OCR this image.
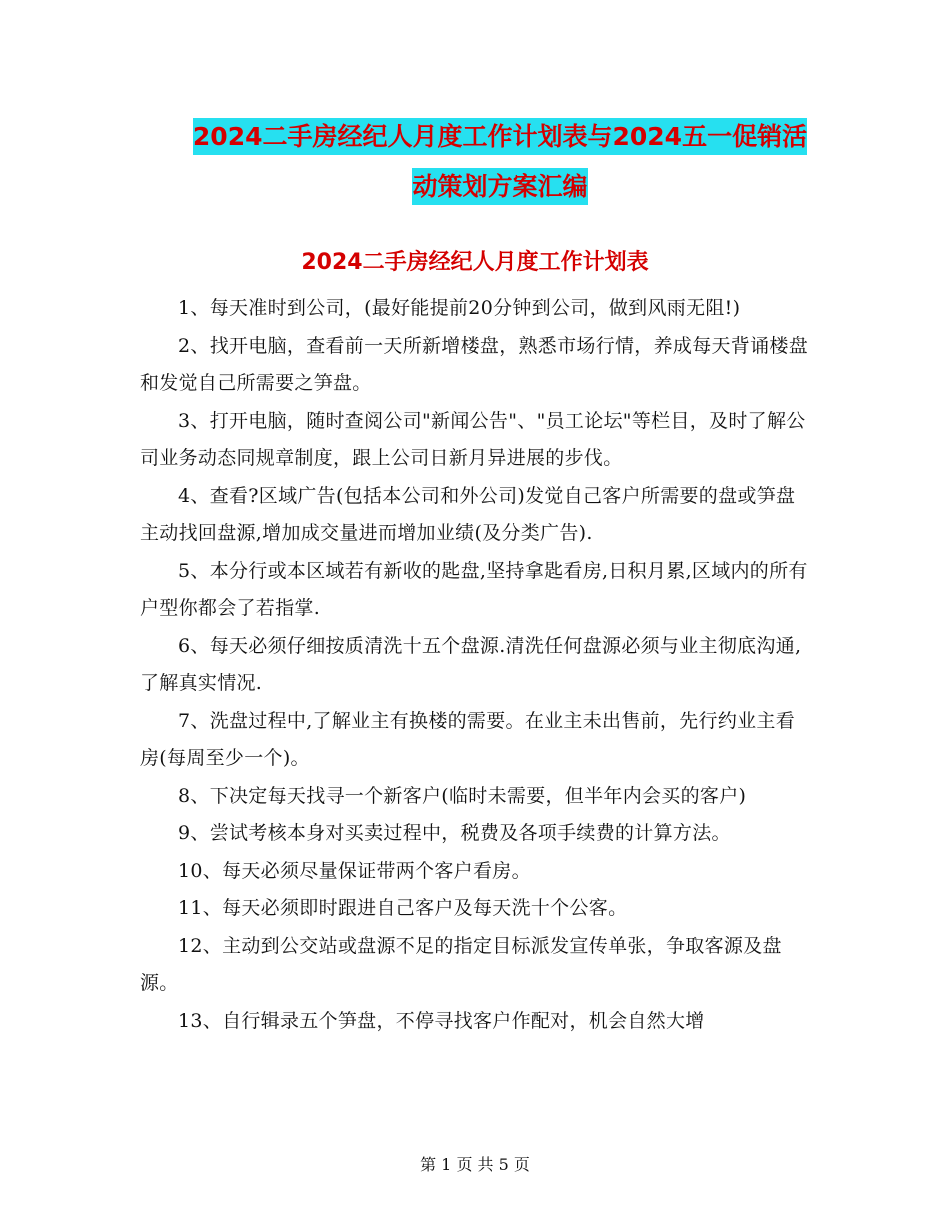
2024二手房经纪人月度工作计划表与2024五一促销活
动策划方案汇编
2024二手房经纪人月度工作计划表
1、每天准时到公司，(最好能提前20分钟到公司，做到风雨无阻!)
2、找开电脑，查看前一天所新增楼盘，熟悉市场行情，养成每天背诵楼盘和发觉自己所需要之笋盘。
3、打开电脑，随时查阅公司"新闻公告"、"员工论坛"等栏目，及时了解公司业务动态同规章制度，跟上公司日新月异进展的步伐。
4、查看?区域广告(包括本公司和外公司)发觉自己客户所需要的盘或笋盘主动找回盘源,增加成交量进而增加业绩(及分类广告).
5、本分行或本区域若有新收的匙盘,坚持拿匙看房,日积月累,区域内的所有户型你都会了若指掌.
6、每天必须仔细按质清洗十五个盘源.清洗任何盘源必须与业主彻底沟通,了解真实情况.
7、洗盘过程中,了解业主有换楼的需要。在业主未出售前，先行约业主看房(每周至少一个)。
8、下决定每天找寻一个新客户(临时未需要，但半年内会买的客户)
9、尝试考核本身对买卖过程中，税费及各项手续费的计算方法。
10、每天必须尽量保证带两个客户看房。
11、每天必须即时跟进自己客户及每天洗十个公客。
12、主动到公交站或盘源不足的指定目标派发宣传单张，争取客源及盘源。
13、自行辑录五个笋盘，不停寻找客户作配对，机会自然大增
第 1 页 共 5 页
